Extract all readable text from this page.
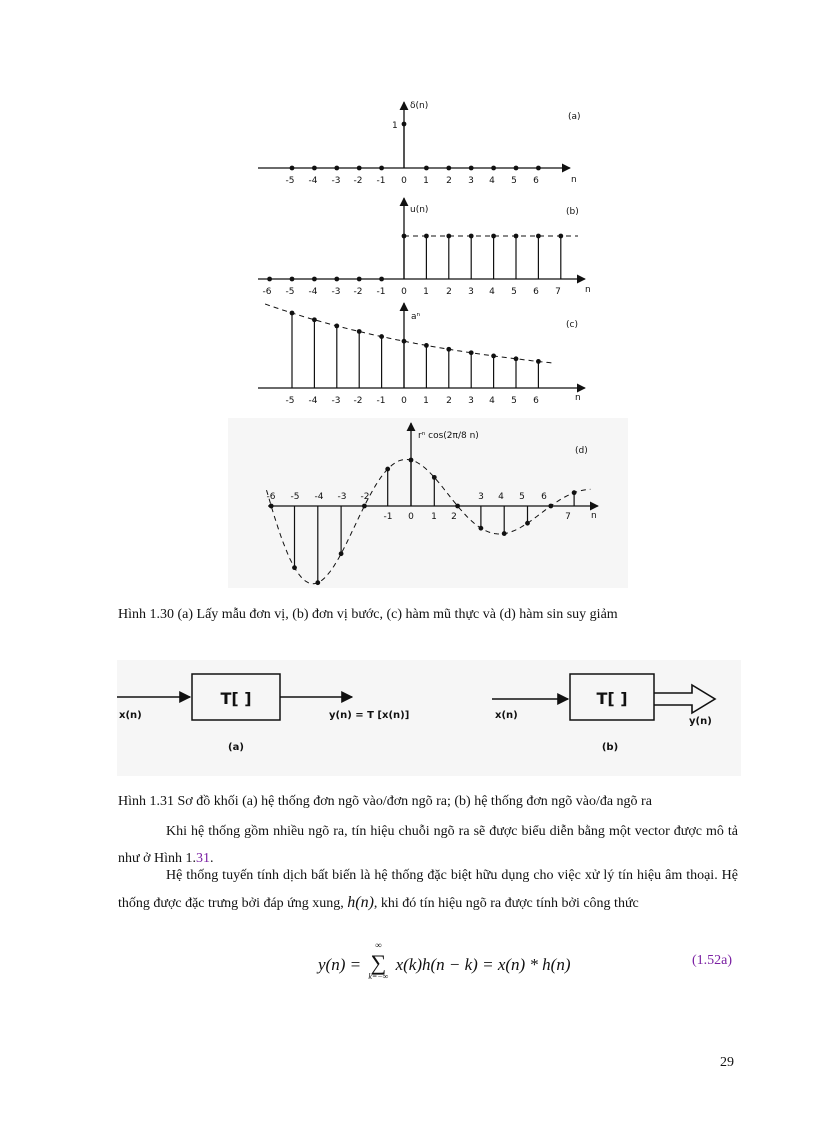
δ(n)
(a)
1
n
-5 -4 -3 -2 -1 0 1 2 3 4 5 6
u(n)	(b)
n
-6 -5 -4 -3 -2 -1 0 1 2 3 4 5 6 7
aⁿ
(c)
n
-5 -4 -3 -2 -1 0 1 2 3 4 5 6
rⁿ cos(2π/8 n)
(d)
n
-6 -5 -4 -3 -2	3 4 5 6
-1 0 1 2	7
Hình 1.30 (a) Lấy mẫu đơn vị, (b) đơn vị bước, (c) hàm mũ thực và (d) hàm sin suy giảm
T[ ]
x(n)	y(n) = T [x(n)]
(a)
T[ ]
x(n)
y(n)
(b)
Hình 1.31 Sơ đồ khối (a) hệ thống đơn ngõ vào/đơn ngõ ra; (b) hệ thống đơn ngõ vào/đa ngõ ra
Khi hệ thống gồm nhiều ngõ ra, tín hiệu chuỗi ngõ ra sẽ được biểu diễn bằng một vector được mô tả như ở Hình 1.31.
Hệ thống tuyến tính dịch bất biến là hệ thống đặc biệt hữu dụng cho việc xử lý tín hiệu âm thoại. Hệ thống được đặc trưng bởi đáp ứng xung, h(n), khi đó tín hiệu ngõ ra được tính bởi công thức
y(n) =
∞
∑
k=−∞
x(k)h(n − k) = x(n) * h(n)	(1.52a)
29
